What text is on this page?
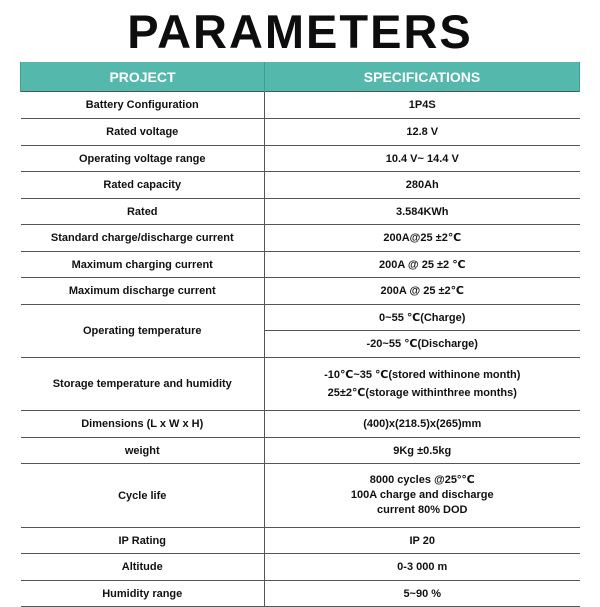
PARAMETERS
PROJECT	SPECIFICATIONS
Battery Configuration	1P4S
Rated voltage	12.8 V
Operating voltage range	10.4 V~ 14.4 V
Rated capacity	280Ah
Rated	3.584KWh
Standard charge/discharge current	200A@25 ±2℃
Maximum charging current	200A @ 25 ±2 ℃
Maximum discharge current	200A @ 25 ±2℃
Operating temperature	0~55 ℃(Charge)
	-20~55 ℃(Discharge)
Storage temperature and humidity	-10℃~35 ℃(stored withinone month)
25±2℃(storage withinthree months)

Dimensions (L x W x H)	(400)x(218.5)x(265)mm
weight	9Kg ±0.5kg
Cycle life	8000 cycles @25°℃
100A charge and discharge
current 80% DOD

IP Rating	IP 20
Altitude	0-3 000 m
Humidity range	5~90 %
